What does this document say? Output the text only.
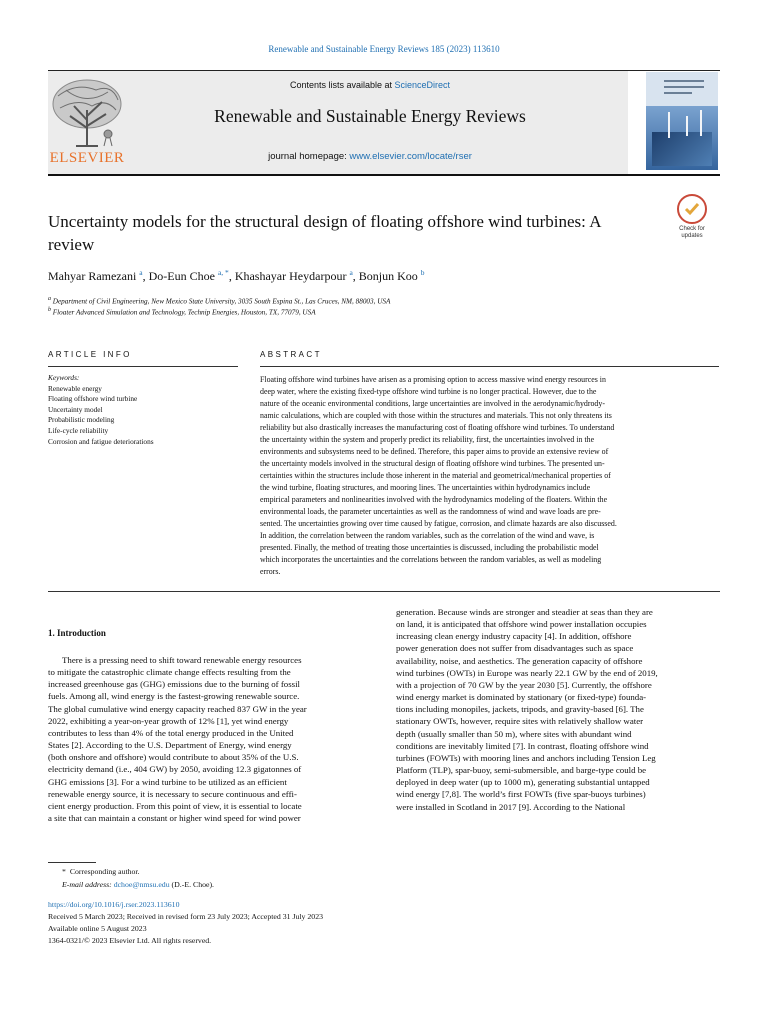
Renewable and Sustainable Energy Reviews 185 (2023) 113610
ELSEVIER
Contents lists available at ScienceDirect
Renewable and Sustainable Energy Reviews
journal homepage: www.elsevier.com/locate/rser
Check for
updates
Uncertainty models for the structural design of floating offshore wind turbines: A review
Mahyar Ramezani $^a$, Do-Eun Choe $^{a, *}$, Khashayar Heydarpour $^a$, Bonjun Koo $^b$
$^a$ Department of Civil Engineering, New Mexico State University, 3035 South Espina St., Las Cruces, NM, 88003, USA
$^b$ Floater Advanced Simulation and Technology, Technip Energies, Houston, TX, 77079, USA
ARTICLE INFO	ABSTRACT
Keywords:
Renewable energy
Floating offshore wind turbine
Uncertainty model
Probabilistic modeling
Life-cycle reliability
Corrosion and fatigue deteriorations
Floating offshore wind turbines have arisen as a promising option to access massive wind energy resources in
deep water, where the existing fixed-type offshore wind turbine is no longer practical. However, due to the
nature of the oceanic environmental conditions, large uncertainties are involved in the aerodynamic/hydrody-
namic calculations, which are coupled with those within the structures and materials. This not only threatens its
reliability but also drastically increases the manufacturing cost of floating offshore wind turbines. To understand
the uncertainty within the system and properly predict its reliability, first, the uncertainties involved in the
environments and subsystems need to be defined. Therefore, this paper aims to provide an extensive review of
the uncertainty models involved in the structural design of floating offshore wind turbines. The presented un-
certainties within the structures include those inherent in the material and geometrical/mechanical properties of
the wind turbine, floating structures, and mooring lines. The uncertainties within hydrodynamics include
empirical parameters and nonlinearities involved with the hydrodynamics modeling of the floaters. Within the
environmental loads, the parameter uncertainties as well as the randomness of wind and wave loads are pre-
sented. The uncertainties growing over time caused by fatigue, corrosion, and climate hazards are also discussed.
In addition, the correlation between the random variables, such as the correlation of the wind and wave, is
presented. Finally, the method of treating those uncertainties is discussed, including the probabilistic model
which incorporates the uncertainties and the correlations between the random variables, as well as modeling
errors.
1. Introduction
There is a pressing need to shift toward renewable energy resources
to mitigate the catastrophic climate change effects resulting from the
increased greenhouse gas (GHG) emissions due to the burning of fossil
fuels. Among all, wind energy is the fastest-growing renewable source.
The global cumulative wind energy capacity reached 837 GW in the year
2022, exhibiting a year-on-year growth of 12% [1], yet wind energy
contributes to less than 4% of the total energy produced in the United
States [2]. According to the U.S. Department of Energy, wind energy
(both onshore and offshore) would contribute to about 35% of the U.S.
electricity demand (i.e., 404 GW) by 2050, avoiding 12.3 gigatonnes of
GHG emissions [3]. For a wind turbine to be utilized as an efficient
renewable energy source, it is necessary to secure continuous and effi-
cient energy production. From this point of view, it is essential to locate
a site that can maintain a constant or higher wind speed for wind power
generation. Because winds are stronger and steadier at seas than they are
on land, it is anticipated that offshore wind power installation occupies
increasing clean energy industry capacity [4]. In addition, offshore
power generation does not suffer from disadvantages such as space
availability, noise, and aesthetics. The generation capacity of offshore
wind turbines (OWTs) in Europe was nearly 22.1 GW by the end of 2019,
with a projection of 70 GW by the year 2030 [5]. Currently, the offshore
wind energy market is dominated by stationary (or fixed-type) founda-
tions including monopiles, jackets, tripods, and gravity-based [6]. The
stationary OWTs, however, require sites with relatively shallow water
depth (usually smaller than 50 m), where sites with abundant wind
conditions are inevitably limited [7]. In contrast, floating offshore wind
turbines (FOWTs) with mooring lines and anchors including Tension Leg
Platform (TLP), spar-buoy, semi-submersible, and barge-type could be
deployed in deep water (up to 1000 m), generating substantial untapped
wind energy [7,8]. The world’s first FOWTs (five spar-buoys turbines)
were installed in Scotland in 2017 [9]. According to the National
* Corresponding author.
E-mail address: dchoe@nmsu.edu (D.-E. Choe).
https://doi.org/10.1016/j.rser.2023.113610
Received 5 March 2023; Received in revised form 23 July 2023; Accepted 31 July 2023
Available online 5 August 2023
1364-0321/© 2023 Elsevier Ltd. All rights reserved.
